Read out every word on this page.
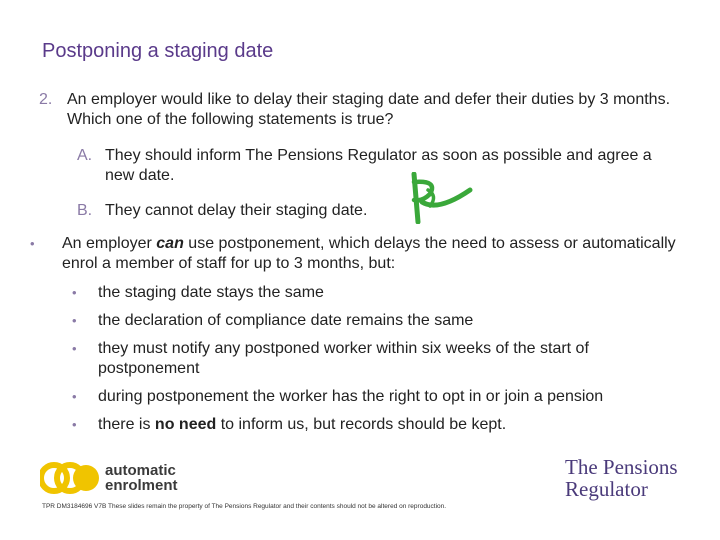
Postponing a staging date
2. An employer would like to delay their staging date and defer their duties by 3 months. Which one of the following statements is true?
A. They should inform The Pensions Regulator as soon as possible and agree a new date.
B. They cannot delay their staging date.
• An employer can use postponement, which delays the need to assess or automatically enrol a member of staff for up to 3 months, but:
• the staging date stays the same
• the declaration of compliance date remains the same
• they must notify any postponed worker within six weeks of the start of postponement
• during postponement the worker has the right to opt in or join a pension
• there is no need to inform us, but records should be kept.
automatic
enrolment
The Pensions
Regulator
TPR DM3184696 V7B These slides remain the property of The Pensions Regulator and their contents should not be altered on reproduction.
